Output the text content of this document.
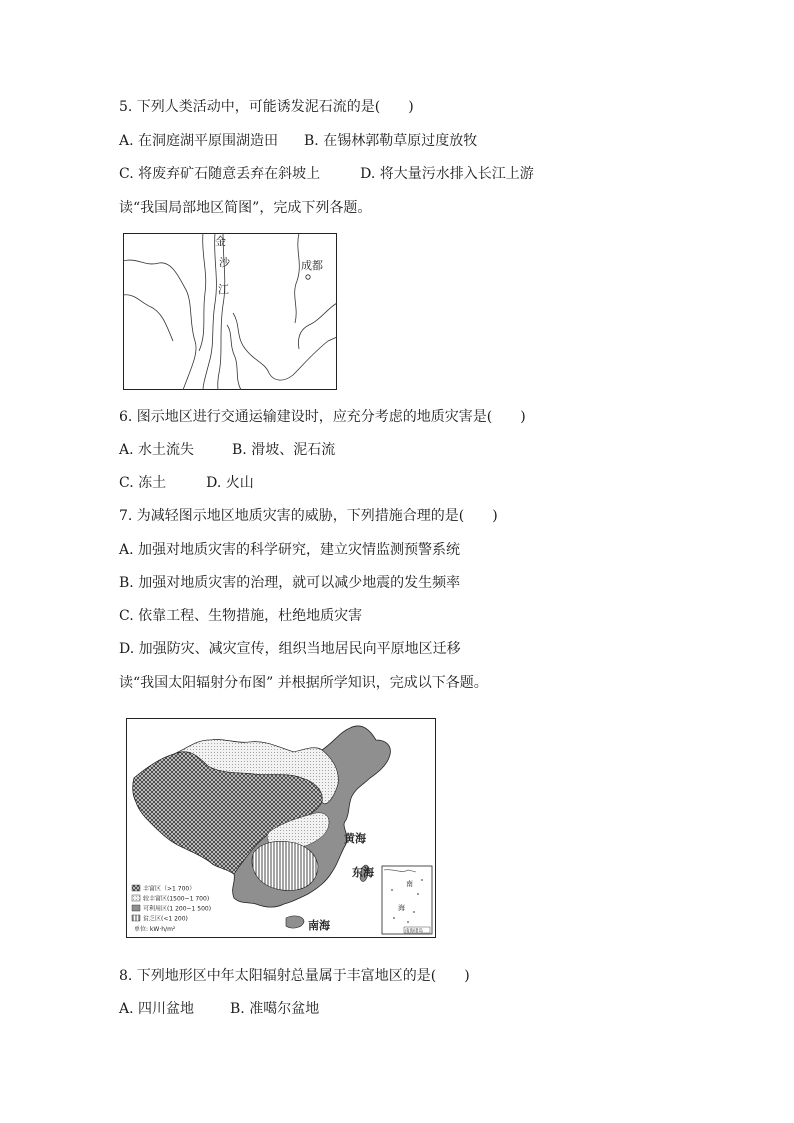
5. 下列人类活动中，可能诱发泥石流的是(　　)
A. 在洞庭湖平原围湖造田 B. 在锡林郭勒草原过度放牧
C. 将废弃矿石随意丢弃在斜坡上	D. 将大量污水排入长江上游
读“我国局部地区简图”，完成下列各题。
金
沙
江
成都
6. 图示地区进行交通运输建设时，应充分考虑的地质灾害是(　　)
A. 水土流失	B. 滑坡、泥石流
C. 冻土	D. 火山
7. 为减轻图示地区地质灾害的威胁，下列措施合理的是(　　)
A. 加强对地质灾害的科学研究，建立灾情监测预警系统
B. 加强对地质灾害的治理，就可以减少地震的发生频率
C. 依靠工程、生物措施，杜绝地质灾害
D. 加强防灾、减灾宣传，组织当地居民向平原地区迁移
读“我国太阳辐射分布图” 并根据所学知识，完成以下各题。
黄海
东海
南海
南
海
南海诸岛
丰富区（>1 700）
较丰富区(1500~1 700)
可利用区(1 200~1 500)
贫乏区(<1 200)
单位: kW·h/m²
8. 下列地形区中年太阳辐射总量属于丰富地区的是(　　)
A. 四川盆地	B. 准噶尔盆地
